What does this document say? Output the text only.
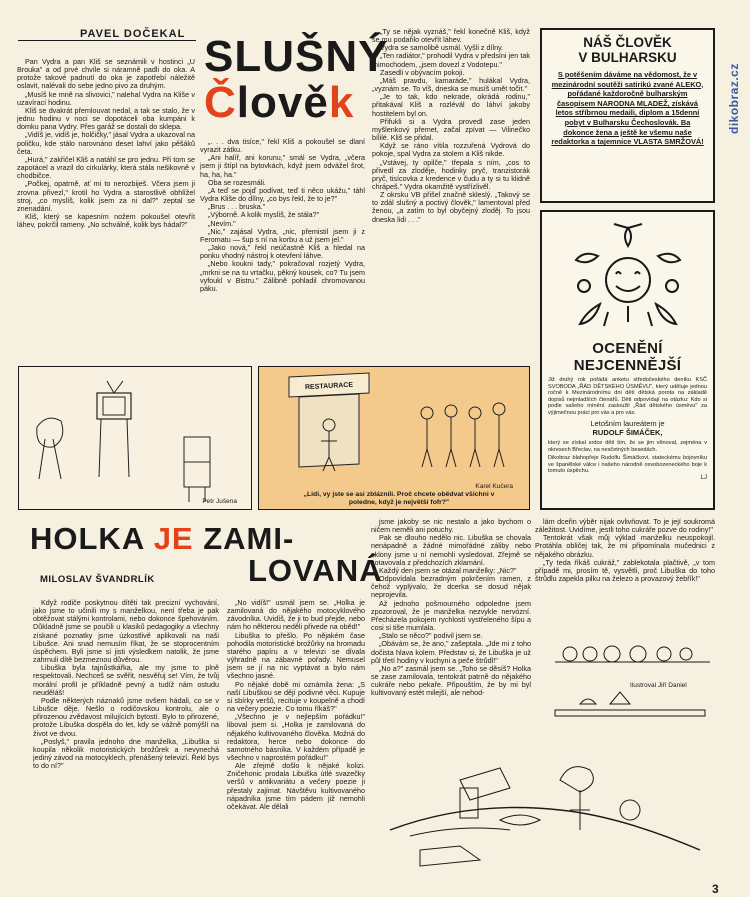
dikobraz.cz
PAVEL DOČEKAL SLUŠNÝ
Člověk

Pan Vydra a pan Kliš se seznámili v hostinci „U Brouka" a od prvé chvíle si náramně padli do oka. A protože takové padnutí do oka je zapotřebí náležitě oslavit, nalévali do sebe jedno pivo za druhým.

„Musíš ke mně na slivovici," nalehal Vydra na Kliše v uzavírací hodinu.

Kliš se dvakrát přemlouvat nedal, a tak se stalo, že v jednu hodinu v noci se dopotáceli oba kumpáni k domku pana Vydry. Přes garáž se dostali do sklepa.

„Vidíš je, vidíš je, holčičky," jásal Vydra a ukazoval na poličku, kde stálo narovnáno deset lahví jako pěšáků četa.

„Hurá," zakřičel Kliš a natáhl se pro jednu. Při tom se zapotácel a vrazil do cirkulárky, která stála nešikovně v chodbičce.

„Počkej, opatrně, ať mi to nerozbiješ. Včera jsem ji zrovna přivezl," krotil ho Vydra a starostlivě obhlížel stroj, „co myslíš, kolik jsem za ni dal?" zeptal se znenadání.

Kliš, který se kapesním nožem pokoušel otevřít láhev, pokrčil rameny. „No schválně, kolik bys hádal?"

„. . . dva tisíce," řekl Kliš a pokoušel se dlaní vyrazit zátku.

„Ani halíř, ani korunu," smál se Vydra, „včera jsem ji štípl na bytovkách, když jsem odvážel šrot, ha, ha, ha."

Oba se rozesmáli.

„A teď se pojď podívat, teď ti něco ukážu," táhl Vydra Kliše do dílny, „co bys řekl, že to je?"

„Brus . . . bruska."

„Výborně. A kolik myslíš, že stála?"

„Nevím."

„Nic," zajásal Vydra, „nic, přemistil jsem ji z Feromatu — šup s ní na korbu a už jsem jel."

„Jako nová," řekl neúčastně Kliš a hledal na ponku vhodný nástroj k otevření láhve.

„Nebo koukni tady," pokračoval rozjetý Vydra, „mrkni se na tu vrtačku, pěkný kousek, co? Tu jsem vyfoukl v Bistru." Zálibně pohladil chromovanou páku.

„Ty se nějak vyznáš," řekl konečně Kliš, když se mu podařilo otevřít láhev.

Vydra se samolibě usmál. Vyšli z dílny.

„Ten radiátor," prohodil Vydra v předsíni jen tak mimochodem, „jsem dovezl z Vodotepu."

Zasedli v obývacím pokoji.

„Máš pravdu, kamaráde," hulákal Vydra, „vyznám se. To víš, dneska se musíš umět točit."

„Je to tak, kdo nekrade, okrádá rodinu," přitakával Kliš a rozlévál do láhví jakoby hostitelem byl on.

Přifukli si a Vydra provedl zase jeden myšlenkový přemet, začal zpívat — Vilinečko bílilé. Kliš se přidal.

Když se ráno vítila rozzuřená Vydrová do pokoje, spal Vydra za stolem a Kliš nikde.

„Vstávej, ty opilče," třepala s ním, „cos to přivedl za zloděje, hodinky pryč, tranzistorák pryč, tisícovka z kredence v čudu a ty si tu klidně chrápeš." Vydra okamžitě vystřízlivěl.

Z okrsku VB přišel značně skleslý. „Takový se to zdál slušný a poctivý člověk," lamentoval před ženou, „a zatím to byl obyčejný zloděj. To jsou dneska lidi . . ."

Petr Jušena
RESTAURACE
Karel Kučera
„Lidi, vy jste se asi zbláznili. Proč chcete obědvat všichni v poledne, když je největší fofr?"
NÁŠ ČLOVĚK
V BULHARSKU
S potěšením dáváme na vědomost, že v mezinárodní soutěži satirikú zvané ALEKO, pořádané každoročně bulharským časopisem NARODNA MLADEŽ, získává letos stříbrnou medaili, diplom a 15denní pobyt v Bulharsku Čechoslovák. Ba dokonce žena a ještě ke všemu naše redaktorka a tajemnice VLASTA SMRŽOVÁ!
OCENĚNÍ NEJCENNĚJŠÍ
Již druhý rok pořádá anketu středočeského deníku KSČ SVOBODA „ŘÁD DĚTSKÉHO ÚSMĚVU", který uděluje jednou ročně k Mezinárodnímu dni dětí dětská porota na základě dopisů nejmladších čtenářů. Děti odpovídají na otázku: Kdo si podle vašeho mínění zasloužil „Řád dětského úsměvu" za výjimečnou práci pro vás a pro vás.
Letošním laureátem je
RUDOLF ŠIMÁČEK,
který se získal srdce dětí tím, že se jim věnoval, zejména v okresech Břeclav, na nesčetných besedách.
Dikobraz blahopřeje Rudolfu Šimáčkovi, stateckému bojovníku ve španělské válce i našeho národně osvobozeneckého boje k tomuto úspěchu.
LJ
HOLKA JE ZAMI-
LOVANÁ
MILOSLAV ŠVANDRLÍK

Když rodiče poskytnou dítěti tak precizní vychování, jako jsme to učinili my s manželkou, není třeba je pak obtěžovat stálými kontrolami, nebo dokonce špehováním. Důkladně jsme se poučili u klasiků pedagogiky a všechny získané poznatky jsme úzkostlivě aplikovali na naši Libušce. Ani snad nemusím říkat, že se stoprocentním úspěchem. Byli jsme si jisti výsledkem natolik, že jsme zahrnuli dítě bezmeznou důvěrou.

Libuška byla tajnůstkářka, ale my jsme to plně respektovali. Nechceš se svěřit, nesvěřuj se! Vím, že tvůj morální profil je příkladně pevný a tudíž nám ostudu neuděláš!

Podle některých náznaků jsme ovšem hádali, co se v Libušce děje. Nešlo o rodičovskou kontrolu, ale o přirozenou zvědavost milujících bytostí. Bylo to přirozené, protože Libuška dospěla do let, kdy se vážně pomýšlí na život ve dvou.

„Poslyš," pravila jednoho dne manželka, „Libuška si koupila několik motoristických brožůrek a nevynechá jediný závod na motocyklech, přenášený televizí. Řekl bys to do ní?"

„No vidíš!" usmál jsem se. „Holka je zamilovaná do nějakého motocyklového závodníka. Uvidíš, že ji to bud přejde, nebo nám ho některou neděli přivede na oběd!"

Libuška to přešlo. Po nějakém čase pohodila motoristické brožůrky na hromadu starého papíru a v televizi se dívala výhradně na zábavné pořady. Nemusel jsem se jí na nic vyptávat a bylo nám všechno jasné.

Po nějaké době mi oznámila žena: „S naší Libuškou se dějí podivné věci. Kupuje si sbírky veršů, recituje v koupelně a chodí na večery poezie. Co tomu říkáš?"

„Všechno je v nejlepším pořádku!" liboval jsem si. „Holka je zamilovaná do nějakého kultivovaného člověka. Možná do redaktora, herce nebo dokonce do samotného básníka. V každém případě je všechno v naprostém pořádku!"

Ale zřejmě došlo k nějaké kolizi. Zničehonic prodala Libuška útlé svazečky veršů v antikvariátu a večery poezie ji přestaly zajímat. Návštěvu kultivovaného nápadníka jsme tím pádem již nemohli očekávat. Ale dělali

jsme jakoby se nic nestalo a jako bychom o ničem neměli ani potuchy.

Pak se dlouho nedělo nic. Libuška se chovala nenápadně a žádné mimořádné záliby nebo sklony jsme u ní nemohli vysledovat. Zřejmě se zotavovala z předchozích zklamání.

Každý den jsem se otázal manželky: „Nic?"

Odpovídala bezradným pokrčením ramen, z čehož vyplývalo, že dcerka se dosud nějak neprojevila.

Až jednoho pošmourného odpoledne jsem zpozoroval, že je manželka nezvykle nervózní. Přecházela pokojem rychlostí vystřeleného šípu a cosi si tiše mumlala.

„Stalo se něco?" podivil jsem se.

„Obávám se, že ano," zašeptala. „Jde mi z toho dočista hlava kolem. Představ si, že Libuška je už půl třetí hodiny v kuchyni a peče štrůdl!"

„No a?" zasmál jsem se. „Toho se děsíš? Holka se zase zamilovala, tentokrát patrně do nějakého cukráře nebo pekaře. Připouštím, že by mi byl kultivovaný estét milejší, ale nehod-

lám dceřin výběr nijak ovlivňovat. To je její soukromá záležitost. Uvidíme, jestli toho cukráře pozve do rodiny!"

Tentokrát však můj výklad manželku neuspokojil. Protáhla obličej tak, že mi připomínala mučednici z nějakého obrázku.

„Ty teda říkáš cukráž," zablekotala plačtivě, „v tom případě mi, prosím tě, vysvětli, proč Libuška do toho štrůdlu zapekla pilku na železo a provazový žebřík!"

Ilustroval Jiří Daniel
3
